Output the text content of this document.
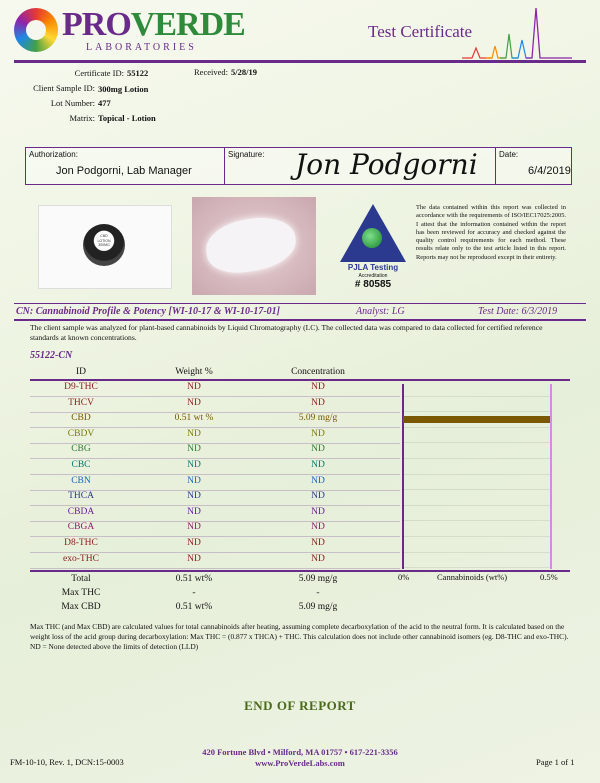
PROVERDE
LABORATORIES
Test Certificate
Certificate ID: 55122	Received: 5/28/19
Client Sample ID: 300mg Lotion
Lot Number: 477
Matrix: Topical - Lotion
Authorization:
Jon Podgorni, Lab Manager
Signature: Jon Podgorni	Date:
6/4/2019
CBD
LOTION
300MG
PJLA Testing
Accreditation
# 80585
The data contained within this report was collected in accordance with the requirements of ISO/IEC17025:2005. I attest that the information contained within the report has been reviewed for accuracy and checked against the quality control requirements for each method. These results relate only to the test article listed in this report. Reports may not be reproduced except in their entirety.
CN: Cannabinoid Profile & Potency [WI-10-17 & WI-10-17-01]	Analyst: LG	Test Date: 6/3/2019
The client sample was analyzed for plant-based cannabinoids by Liquid Chromatography (LC). The collected data was compared to data collected for certified reference standards at known concentrations.
55122-CN
ID	Weight %	Concentration
D9-THC	ND	ND
THCV	ND	ND
CBD	0.51 wt %	5.09 mg/g
CBDV	ND	ND
CBG	ND	ND
CBC	ND	ND
CBN	ND	ND
THCA	ND	ND
CBDA	ND	ND
CBGA	ND	ND
D8-THC	ND	ND
exo-THC	ND	ND
Total	0.51 wt%	5.09 mg/g
Max THC	-	-
Max CBD	0.51 wt%	5.09 mg/g
0%	Cannabinoids (wt%)	0.5%
Max THC (and Max CBD) are calculated values for total cannabinoids after heating, assuming complete decarboxylation of the acid to the neutral form. It is calculated based on the weight loss of the acid group during decarboxylation: Max THC = (0.877 x THCA) + THC. This calculation does not include other cannabinoid isomers (eg. D8-THC and exo-THC). ND = None detected above the limits of detection (LLD)
END OF REPORT
420 Fortune Blvd • Milford, MA 01757 • 617-221-3356
www.ProVerdeLabs.com
FM-10-10, Rev. 1, DCN:15-0003	Page 1 of 1
